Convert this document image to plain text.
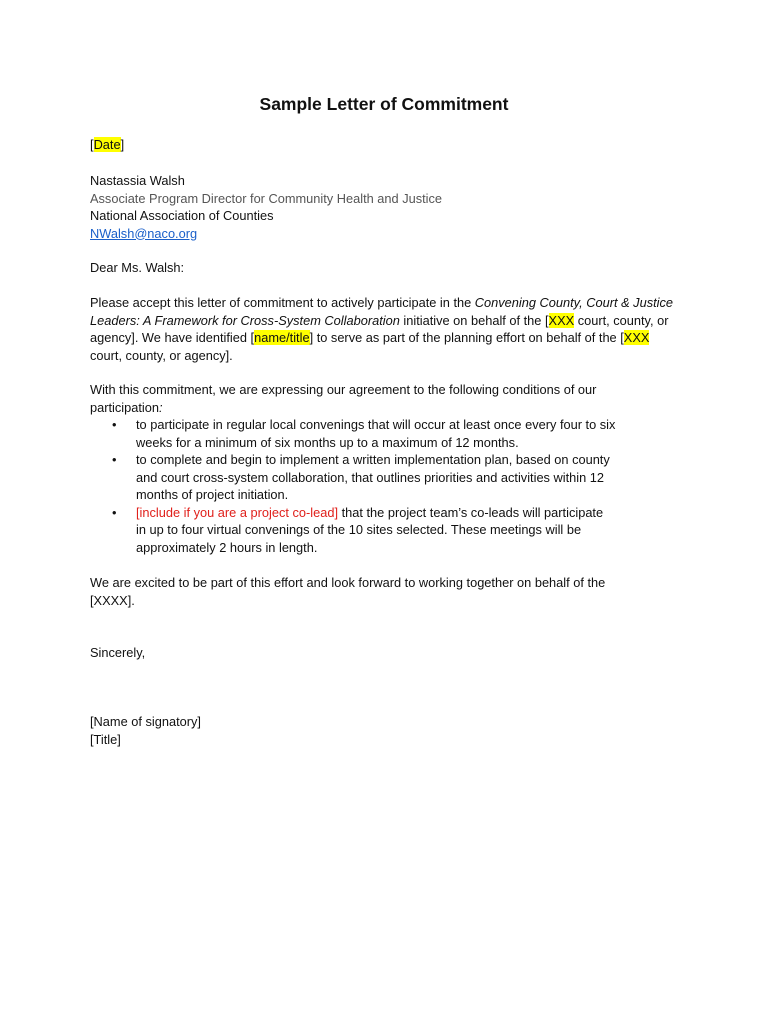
Sample Letter of Commitment
[Date]
Nastassia Walsh
Associate Program Director for Community Health and Justice
National Association of Counties
NWalsh@naco.org
Dear Ms. Walsh:
Please accept this letter of commitment to actively participate in the Convening County, Court & Justice
Leaders: A Framework for Cross-System Collaboration initiative on behalf of the [XXX court, county, or
agency]. We have identified [name/title] to serve as part of the planning effort on behalf of the [XXX
court, county, or agency].
With this commitment, we are expressing our agreement to the following conditions of our
participation:
• to participate in regular local convenings that will occur at least once every four to six
weeks for a minimum of six months up to a maximum of 12 months.
• to complete and begin to implement a written implementation plan, based on county
and court cross-system collaboration, that outlines priorities and activities within 12
months of project initiation.
• [include if you are a project co-lead] that the project team’s co-leads will participate
in up to four virtual convenings of the 10 sites selected. These meetings will be
approximately 2 hours in length.
We are excited to be part of this effort and look forward to working together on behalf of the
[XXXX].
Sincerely,
[Name of signatory]
[Title]
